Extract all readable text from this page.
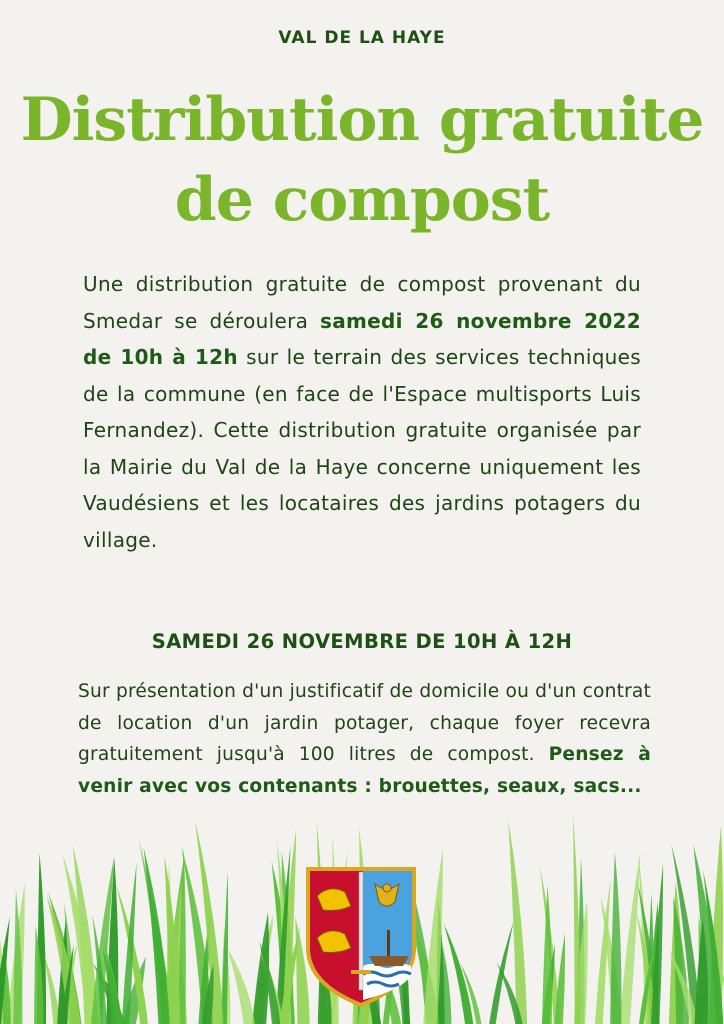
VAL DE LA HAYE
Distribution gratuite
de compost

Une distribution gratuite de compost provenant du Smedar se déroulera samedi 26 novembre 2022 de 10h à 12h sur le terrain des services techniques de la commune (en face de l'Espace multisports Luis Fernandez). Cette distribution gratuite organisée par la Mairie du Val de la Haye concerne uniquement les Vaudésiens et les locataires des jardins potagers du village.

SAMEDI 26 NOVEMBRE DE 10H À 12H

Sur présentation d'un justificatif de domicile ou d'un contrat de location d'un jardin potager, chaque foyer recevra gratuitement jusqu'à 100 litres de compost. Pensez à venir avec vos contenants : brouettes, seaux, sacs...
